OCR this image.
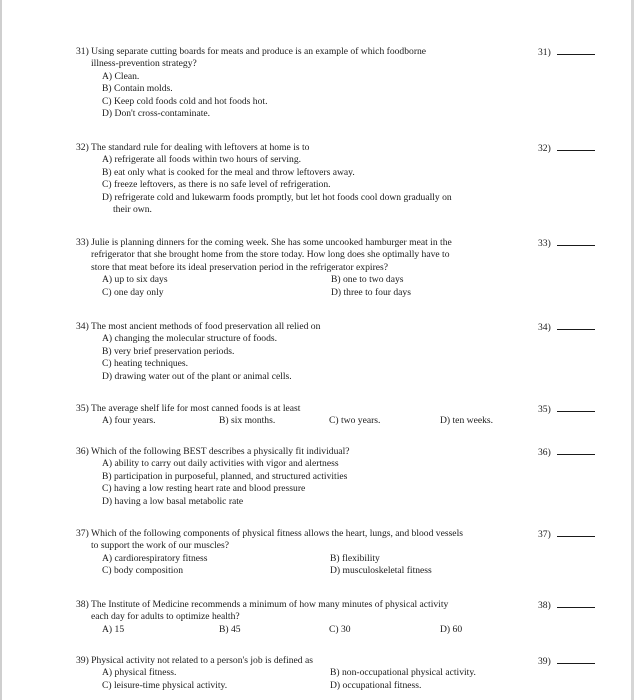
31) Using separate cutting boards for meats and produce is an example of which foodborne
illness-prevention strategy?
A) Clean.
B) Contain molds.
C) Keep cold foods cold and hot foods hot.
D) Don't cross-contaminate.
31)
32) The standard rule for dealing with leftovers at home is to
A) refrigerate all foods within two hours of serving.
B) eat only what is cooked for the meal and throw leftovers away.
C) freeze leftovers, as there is no safe level of refrigeration.
D) refrigerate cold and lukewarm foods promptly, but let hot foods cool down gradually on
their own.
32)
33) Julie is planning dinners for the coming week. She has some uncooked hamburger meat in the
refrigerator that she brought home from the store today. How long does she optimally have to
store that meat before its ideal preservation period in the refrigerator expires?
A) up to six days	B) one to two days
C) one day only	D) three to four days
33)
34) The most ancient methods of food preservation all relied on
A) changing the molecular structure of foods.
B) very brief preservation periods.
C) heating techniques.
D) drawing water out of the plant or animal cells.
34)
35) The average shelf life for most canned foods is at least
A) four years.	B) six months.	C) two years.	D) ten weeks.
35)
36) Which of the following BEST describes a physically fit individual?
A) ability to carry out daily activities with vigor and alertness
B) participation in purposeful, planned, and structured activities
C) having a low resting heart rate and blood pressure
D) having a low basal metabolic rate
36)
37) Which of the following components of physical fitness allows the heart, lungs, and blood vessels
to support the work of our muscles?
A) cardiorespiratory fitness	B) flexibility
C) body composition	D) musculoskeletal fitness
37)
38) The Institute of Medicine recommends a minimum of how many minutes of physical activity
each day for adults to optimize health?
A) 15	B) 45	C) 30	D) 60
38)
39) Physical activity not related to a person's job is defined as
A) physical fitness.	B) non-occupational physical activity.
C) leisure-time physical activity.	D) occupational fitness.
39)
